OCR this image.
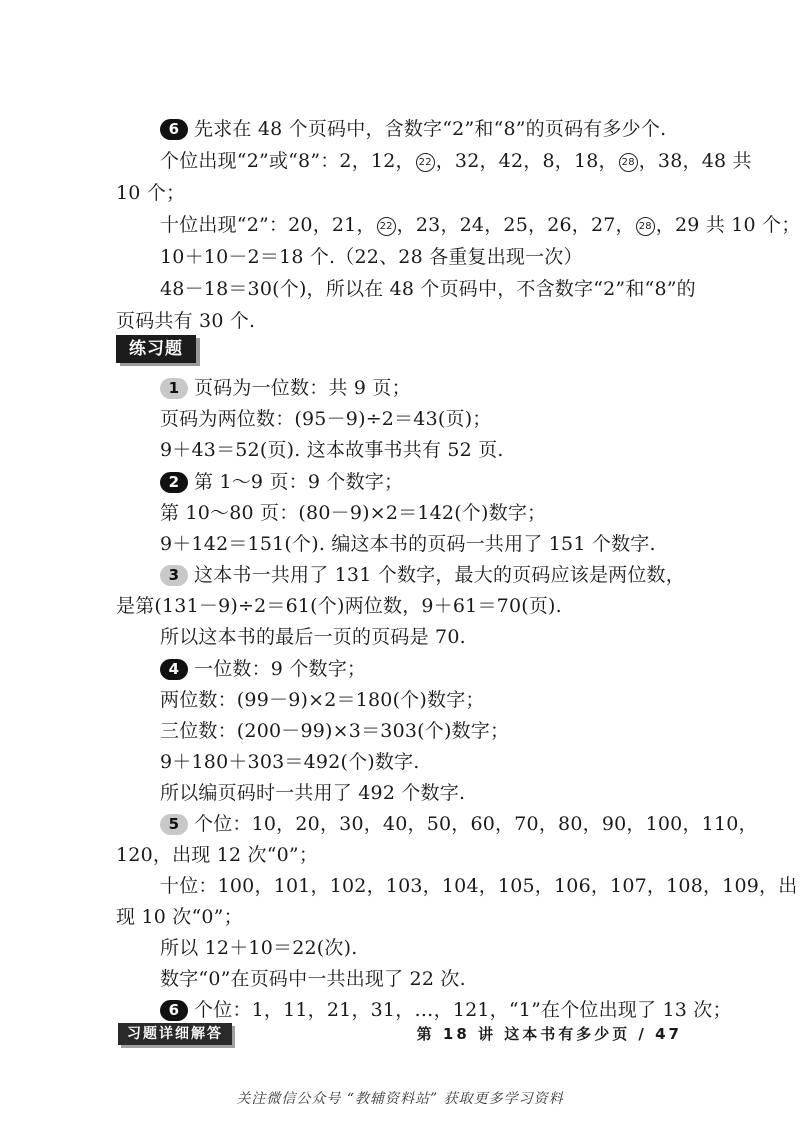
6 先求在 48 个页码中，含数字“2”和“8”的页码有多少个.
个位出现“2”或“8”：2，12， 22 ，32，42，8，18， 28 ，38，48 共
10 个；
十位出现“2”：20，21， 22 ，23，24，25，26，27， 28 ，29 共 10 个；
10＋10－2＝18 个.（22、28 各重复出现一次）
48－18＝30(个)，所以在 48 个页码中，不含数字“2”和“8”的
页码共有 30 个.
练习题
1 页码为一位数：共 9 页；
页码为两位数：(95－9)÷2＝43(页)；
9＋43＝52(页). 这本故事书共有 52 页.
2 第 1～9 页：9 个数字；
第 10～80 页：(80－9)×2＝142(个)数字；
9＋142＝151(个). 编这本书的页码一共用了 151 个数字.
3 这本书一共用了 131 个数字，最大的页码应该是两位数，
是第(131－9)÷2＝61(个)两位数，9＋61＝70(页).
所以这本书的最后一页的页码是 70.
4 一位数：9 个数字；
两位数：(99－9)×2＝180(个)数字；
三位数：(200－99)×3＝303(个)数字；
9＋180＋303＝492(个)数字.
所以编页码时一共用了 492 个数字.
5 个位：10，20，30，40，50，60，70，80，90，100，110，
120，出现 12 次“0”；
十位：100，101，102，103，104，105，106，107，108，109，出
现 10 次“0”；
所以 12＋10＝22(次).
数字“0”在页码中一共出现了 22 次.
6 个位：1，11，21，31，…，121，“1”在个位出现了 13 次；
习题详细解答	第 18 讲 这本书有多少页 / 47
关注微信公众号 “教辅资料站” 获取更多学习资料
